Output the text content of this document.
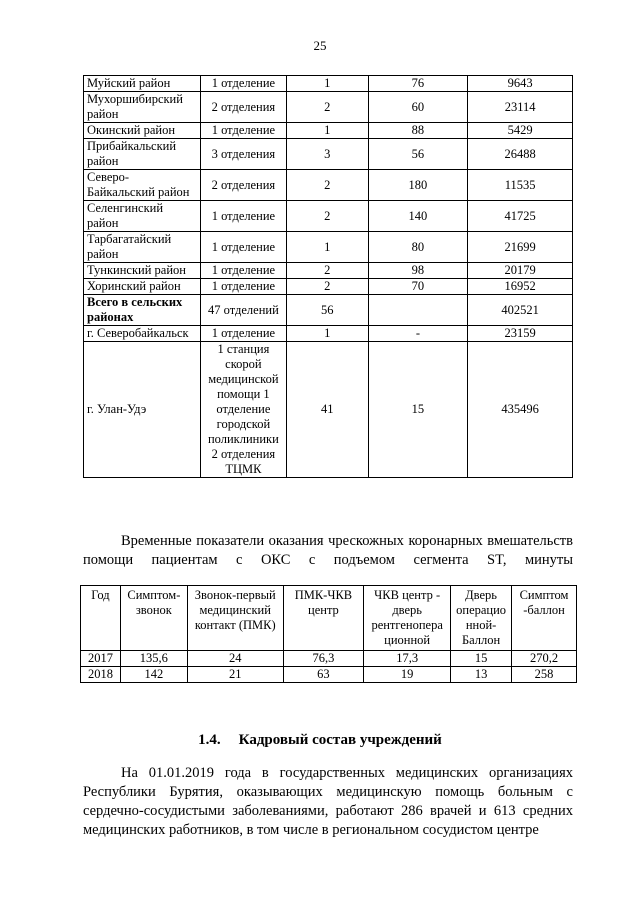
25
Муйский район	1 отделение	1	76	9643
Мухоршибирский район	2 отделения	2	60	23114
Окинский район	1 отделение	1	88	5429
Прибайкальский район	3 отделения	3	56	26488
Северо-Байкальский район	2 отделения	2	180	11535
Селенгинский район	1 отделение	2	140	41725
Тарбагатайский район	1 отделение	1	80	21699
Тункинский район	1 отделение	2	98	20179
Хоринский район	1 отделение	2	70	16952
Всего в сельских районах	47 отделений	56		402521
г. Северобайкальск	1 отделение	1	-	23159
г. Улан-Удэ	1 станция скорой медицинской помощи 1 отделение городской поликлиники 2 отделения ТЦМК	41	15	435496
Временные показатели оказания чрескожных коронарных вмешательств помощи пациентам с ОКС с подъемом сегмента ST, минуты
Год	Симптом-звонок	Звонок-первый медицинский контакт (ПМК)	ПМК-ЧКВ центр	ЧКВ центр - дверь рентгенопера ционной	Дверь операцио нной-Баллон	Симптом -баллон
2017	135,6	24	76,3	17,3	15	270,2
2018	142	21	63	19	13	258
1.4. Кадровый состав учреждений
На 01.01.2019 года в государственных медицинских организациях Республики Бурятия, оказывающих медицинскую помощь больным с сердечно-сосудистыми заболеваниями, работают 286 врачей и 613 средних медицинских работников, в том числе в региональном сосудистом центре
